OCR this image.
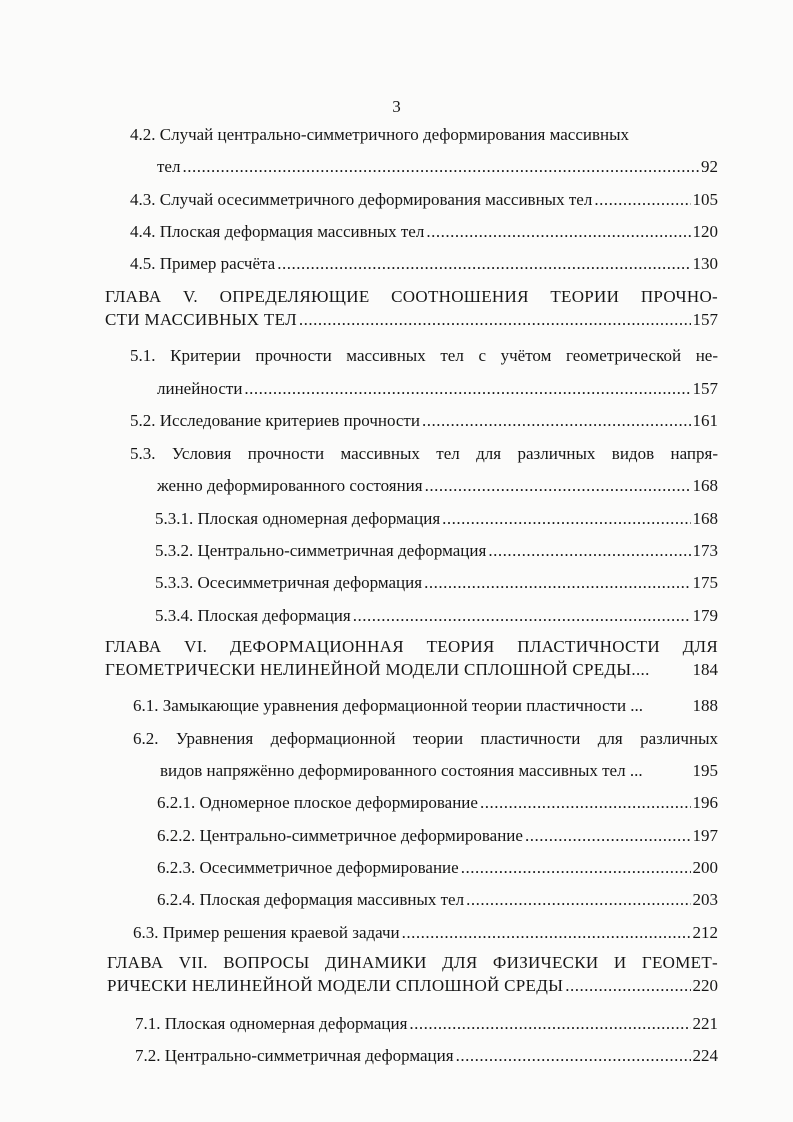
3
4.2. Случай центрально-симметричного деформирования массивных
тел .....	92
4.3. Случай осесимметричного деформирования массивных тел .....	105
4.4. Плоская деформация массивных тел .....	120
4.5. Пример расчёта .....	130
ГЛАВА V. ОПРЕДЕЛЯЮЩИЕ СООТНОШЕНИЯ ТЕОРИИ ПРОЧНО-
СТИ МАССИВНЫХ ТЕЛ .....	157
5.1. Критерии прочности массивных тел с учётом геометрической не-
линейности .....	157
5.2. Исследование критериев прочности .....	161
5.3. Условия прочности массивных тел для различных видов напря-
женно деформированного состояния .....	168
5.3.1. Плоская одномерная деформация .....	168
5.3.2. Центрально-симметричная деформация .....	173
5.3.3. Осесимметричная деформация .....	175
5.3.4. Плоская деформация .....	179
ГЛАВА VI. ДЕФОРМАЦИОННАЯ ТЕОРИЯ ПЛАСТИЧНОСТИ ДЛЯ
ГЕОМЕТРИЧЕСКИ НЕЛИНЕЙНОЙ МОДЕЛИ СПЛОШНОЙ СРЕДЫ....	184
6.1. Замыкающие уравнения деформационной теории пластичности ...	188
6.2. Уравнения деформационной теории пластичности для различных
видов напряжённо деформированного состояния массивных тел ...	195
6.2.1. Одномерное плоское деформирование .....	196
6.2.2. Центрально-симметричное деформирование .....	197
6.2.3. Осесимметричное деформирование .....	200
6.2.4. Плоская деформация массивных тел .....	203
6.3. Пример решения краевой задачи .....	212
ГЛАВА VII. ВОПРОСЫ ДИНАМИКИ ДЛЯ ФИЗИЧЕСКИ И ГЕОМЕТ-
РИЧЕСКИ НЕЛИНЕЙНОЙ МОДЕЛИ СПЛОШНОЙ СРЕДЫ .....	220
7.1. Плоская одномерная деформация .....	221
7.2. Центрально-симметричная деформация .....	224
